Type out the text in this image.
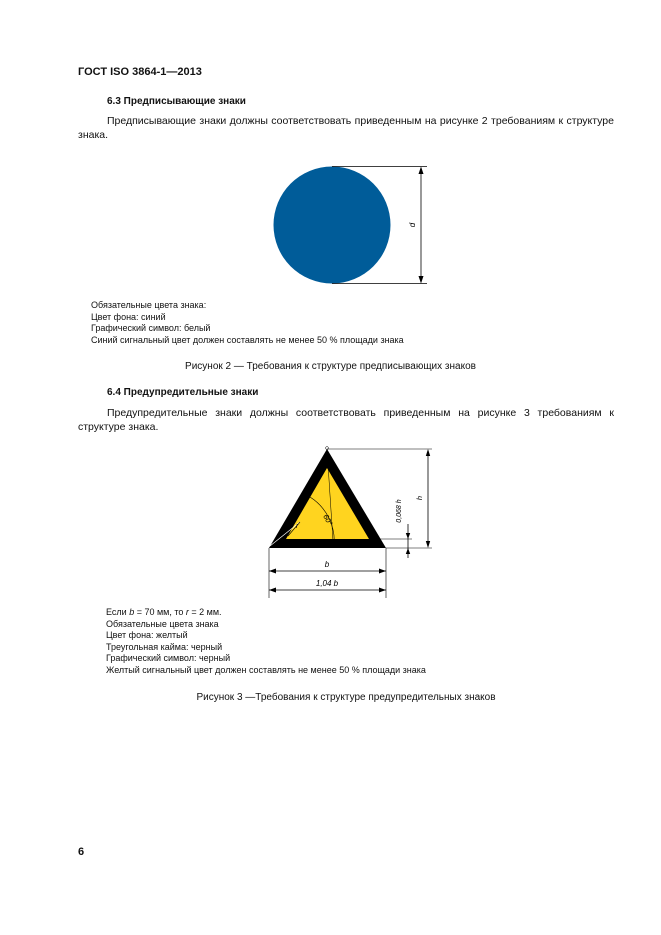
ГОСТ ISO 3864-1—2013
6.3 Предписывающие знаки
Предписывающие знаки должны соответствовать приведенным на рисунке 2 требованиям к структуре знака.
d
Обязательные цвета знака:
Цвет фона: синий
Графический символ: белый
Синий сигнальный цвет должен составлять не менее 50 % площади знака
Рисунок 2 — Требования к структуре предписывающих знаков
6.4 Предупредительные знаки
Предупредительные знаки должны соответствовать приведенным на рисунке 3 требованиям к структуре знака.
60°
r
b
1,04 b
0,068 h
h
Если b = 70 мм, то r = 2 мм.
Обязательные цвета знака
Цвет фона: желтый
Треугольная кайма: черный
Графический символ: черный
Желтый сигнальный цвет должен составлять не менее 50 % площади знака
Рисунок 3 —Требования к структуре предупредительных знаков
6
